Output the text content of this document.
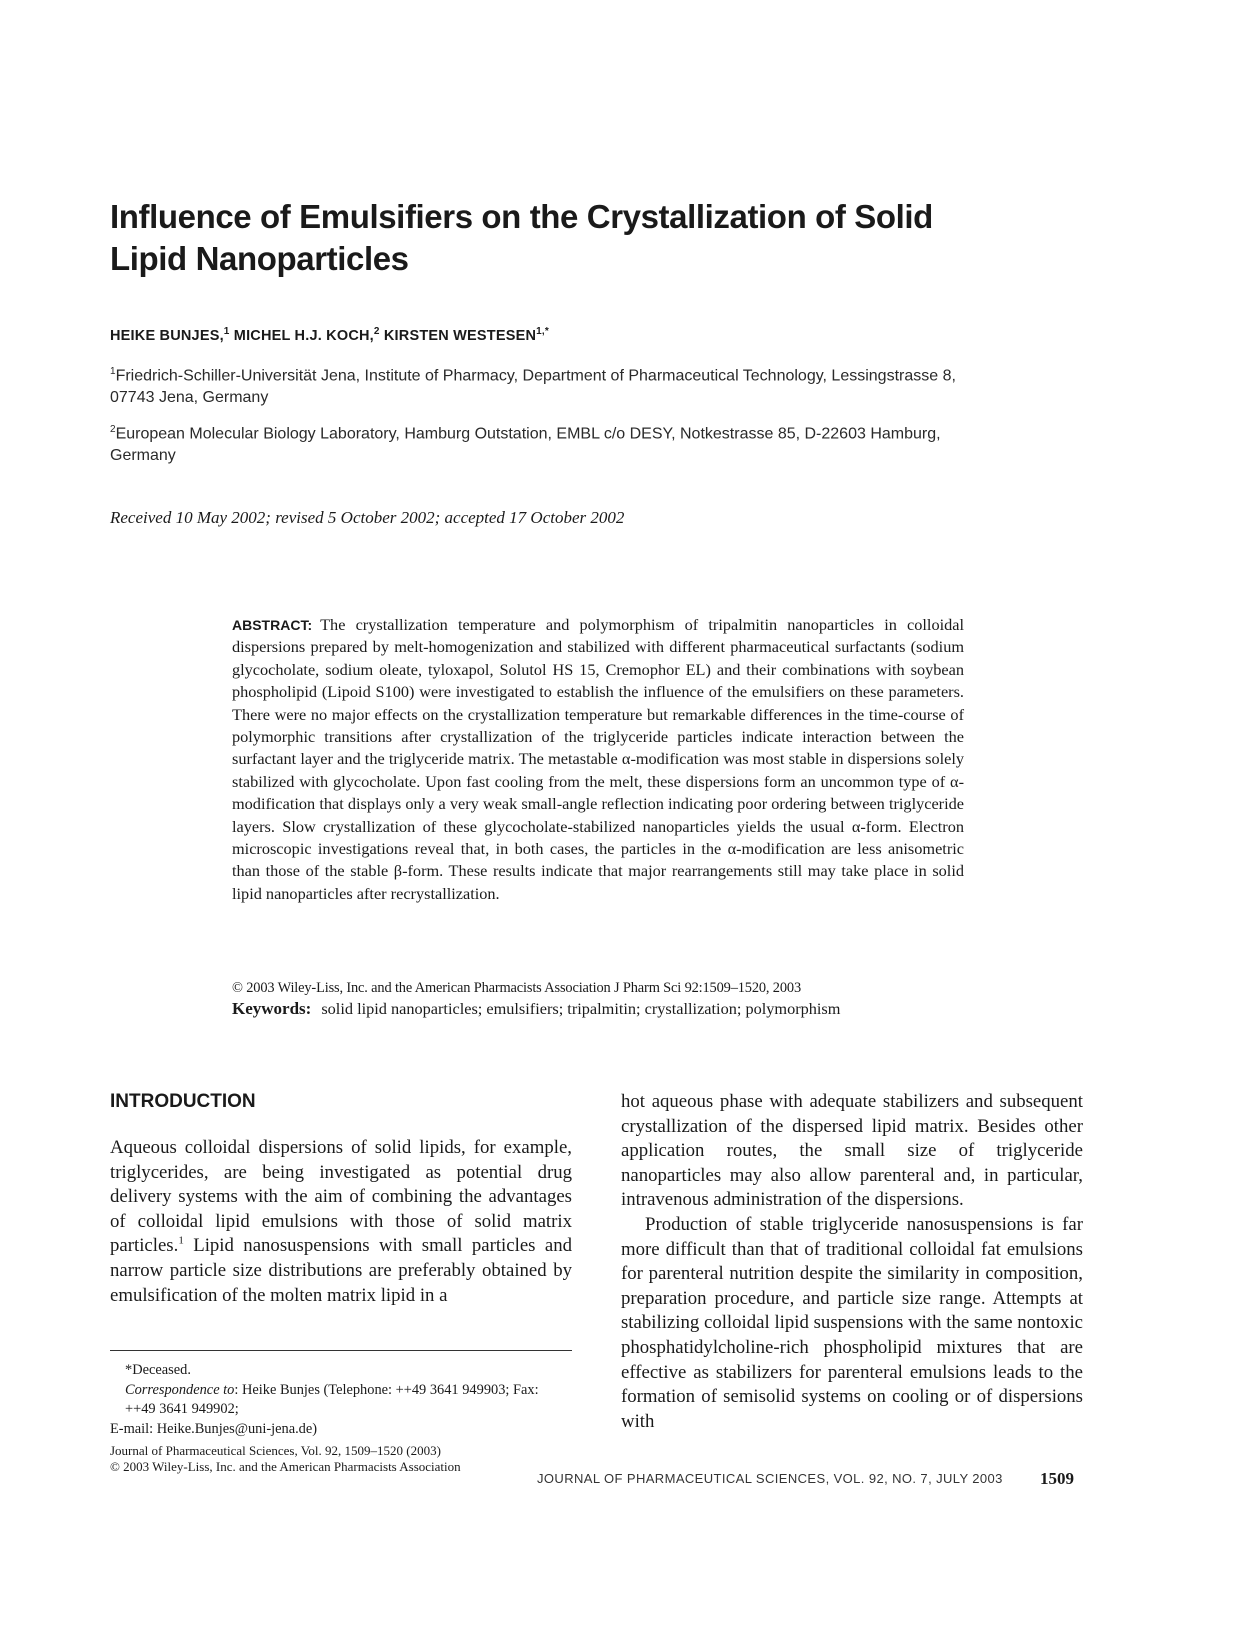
Influence of Emulsifiers on the Crystallization of Solid Lipid Nanoparticles

HEIKE BUNJES,$^1$ MICHEL H.J. KOCH,$^2$ KIRSTEN $WESTESEN^{1,*}$

$^1$Friedrich-Schiller-Universität Jena, Institute of Pharmacy, Department of Pharmaceutical Technology, Lessingstrasse 8, 07743 Jena, Germany

$^2$European Molecular Biology Laboratory, Hamburg Outstation, EMBL c/o DESY, Notkestrasse 85, D-22603 Hamburg, Germany

Received 10 May 2002; revised 5 October 2002; accepted 17 October 2002

ABSTRACT: The crystallization temperature and polymorphism of tripalmitin nanoparticles in colloidal dispersions prepared by melt-homogenization and stabilized with different pharmaceutical surfactants (sodium glycocholate, sodium oleate, tyloxapol, Solutol HS 15, Cremophor EL) and their combinations with soybean phospholipid (Lipoid S100) were investigated to establish the influence of the emulsifiers on these parameters. There were no major effects on the crystallization temperature but remarkable differences in the time-course of polymorphic transitions after crystallization of the triglyceride particles indicate interaction between the surfactant layer and the triglyceride matrix. The metastable α-modification was most stable in dispersions solely stabilized with glycocholate. Upon fast cooling from the melt, these dispersions form an uncommon type of α-modification that displays only a very weak small-angle reflection indicating poor ordering between triglyceride layers. Slow crystallization of these glycocholate-stabilized nanoparticles yields the usual α-form. Electron microscopic investigations reveal that, in both cases, the particles in the α-modification are less anisometric than those of the stable β-form. These results indicate that major rearrangements still may take place in solid lipid nanoparticles after recrystallization.

© 2003 Wiley-Liss, Inc. and the American Pharmacists Association J Pharm Sci 92:1509–1520, 2003

Keywords: solid lipid nanoparticles; emulsifiers; tripalmitin; crystallization; polymorphism

INTRODUCTION

Aqueous colloidal dispersions of solid lipids, for example, triglycerides, are being investigated as potential drug delivery systems with the aim of combining the advantages of colloidal lipid emulsions with those of solid matrix particles.$^1$ Lipid nanosuspensions with small particles and narrow particle size distributions are preferably obtained by emulsification of the molten matrix lipid in a

*Deceased.
Correspondence to: Heike Bunjes (Telephone: ++49 3641 949903; Fax: ++49 3641 949902;
E-mail: Heike.Bunjes@uni-jena.de)
Journal of Pharmaceutical Sciences, Vol. 92, 1509–1520 (2003)
© 2003 Wiley-Liss, Inc. and the American Pharmacists Association

hot aqueous phase with adequate stabilizers and subsequent crystallization of the dispersed lipid matrix. Besides other application routes, the small size of triglyceride nanoparticles may also allow parenteral and, in particular, intravenous administration of the dispersions.

Production of stable triglyceride nanosuspensions is far more difficult than that of traditional colloidal fat emulsions for parenteral nutrition despite the similarity in composition, preparation procedure, and particle size range. Attempts at stabilizing colloidal lipid suspensions with the same nontoxic phosphatidylcholine-rich phospholipid mixtures that are effective as stabilizers for parenteral emulsions leads to the formation of semisolid systems on cooling or of dispersions with

JOURNAL OF PHARMACEUTICAL SCIENCES, VOL. 92, NO. 7, JULY 2003 1509
